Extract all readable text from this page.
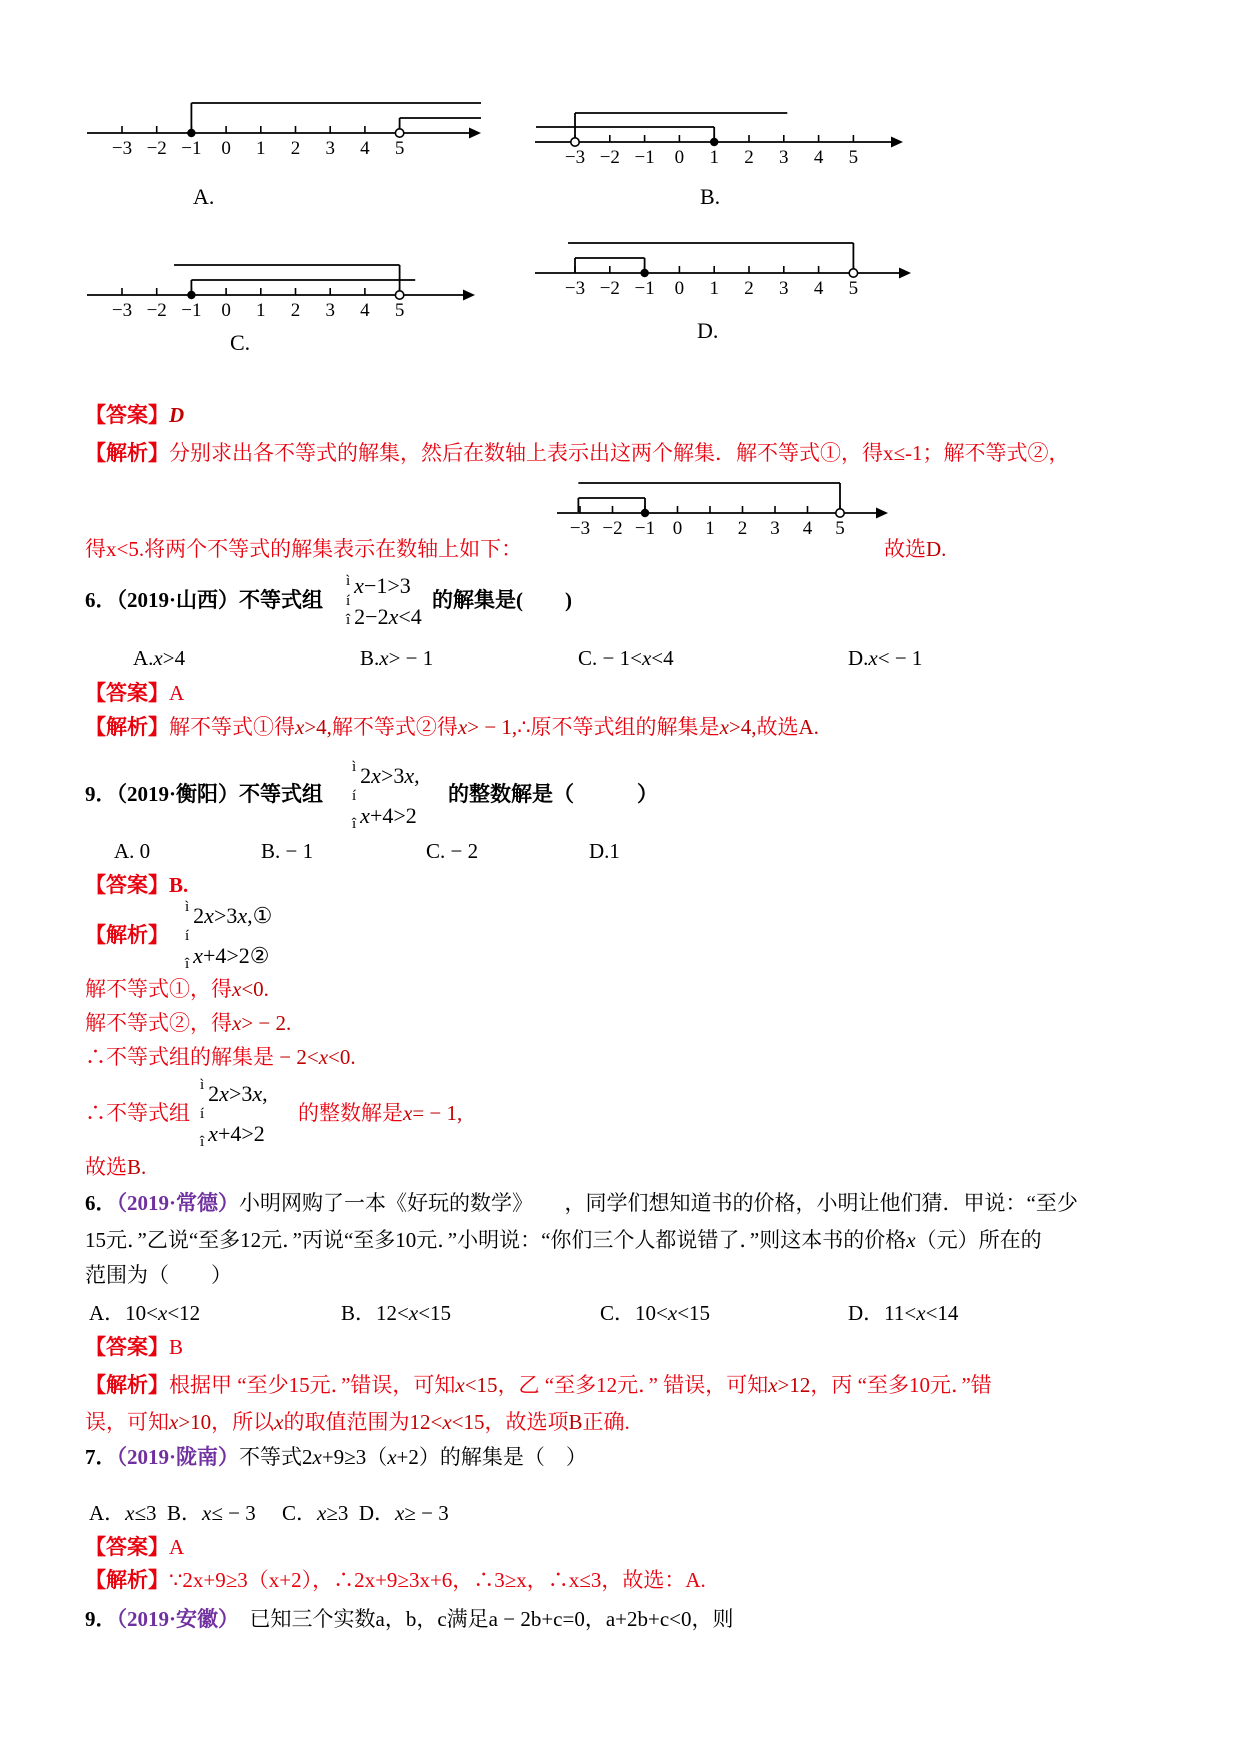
【答案】D
【解析】分别求出各不等式的解集，然后在数轴上表示出这两个解集．解不等式①，得x≤-1；解不等式②，
得x<5.将两个不等式的解集表示在数轴上如下：	故选D.
6．（2019·山西）不等式组	的解集是(　　)
A.x>4	B.x> − 1	C. − 1<x<4	D.x< − 1
【答案】A
【解析】解不等式①得x>4,解不等式②得x> − 1,∴原不等式组的解集是x>4,故选A.
9．（2019·衡阳）不等式组	的整数解是（　　　）
A. 0	B. − 1	C. − 2	D.1
【答案】B.
【解析】
解不等式①，得x<0.
解不等式②，得x> − 2.
∴不等式组的解集是 − 2<x<0.
∴不等式组	的整数解是x= − 1,
故选B.
6．（2019·常德）小明网购了一本《好玩的数学》　　，同学们想知道书的价格，小明让他们猜．甲说：“至少
15元．”乙说“至多12元．”丙说“至多10元．”小明说：“你们三个人都说错了．”则这本书的价格x（元）所在的
范围为（　　）
A．10<x<12	B．12<x<15	C．10<x<15	D．11<x<14
【答案】B
【解析】根据甲 “至少15元．”错误，可知x<15，乙 “至多12元．” 错误，可知x>12，丙 “至多10元．”错
误，可知x>10，所以x的取值范围为12<x<15，故选项B正确.
7．（2019·陇南）不等式2x+9≥3（x+2）的解集是（　）
A．x≤3  B．x≤ − 3　 C．x≥3  D．x≥ − 3
【答案】A
【解析】∵2x+9≥3（x+2），∴2x+9≥3x+6，∴3≥x，∴x≤3，故选：A.
9．（2019·安徽）　已知三个实数a，b，c满足a − 2b+c=0，a+2b+c<0，则
ì
í
î
x −1>3
2−2 x <4
ì
í
î
2 x >3 x ,
x +4>2
ì
í
î
2 x >3 x ,①
x +4>2②
ì
í
î
2 x >3 x ,
x +4>2
A.	B.
C.	D.
−3 −2 −1 0 1 2 3 4 5	−3 −2 −1 0 1 2 3 4 5
−3 −2 −1 0 1 2 3 4 5
−3 −2 −1 0 1 2 3 4 5
−3 −2 −1 0 1 2 3 4 5
